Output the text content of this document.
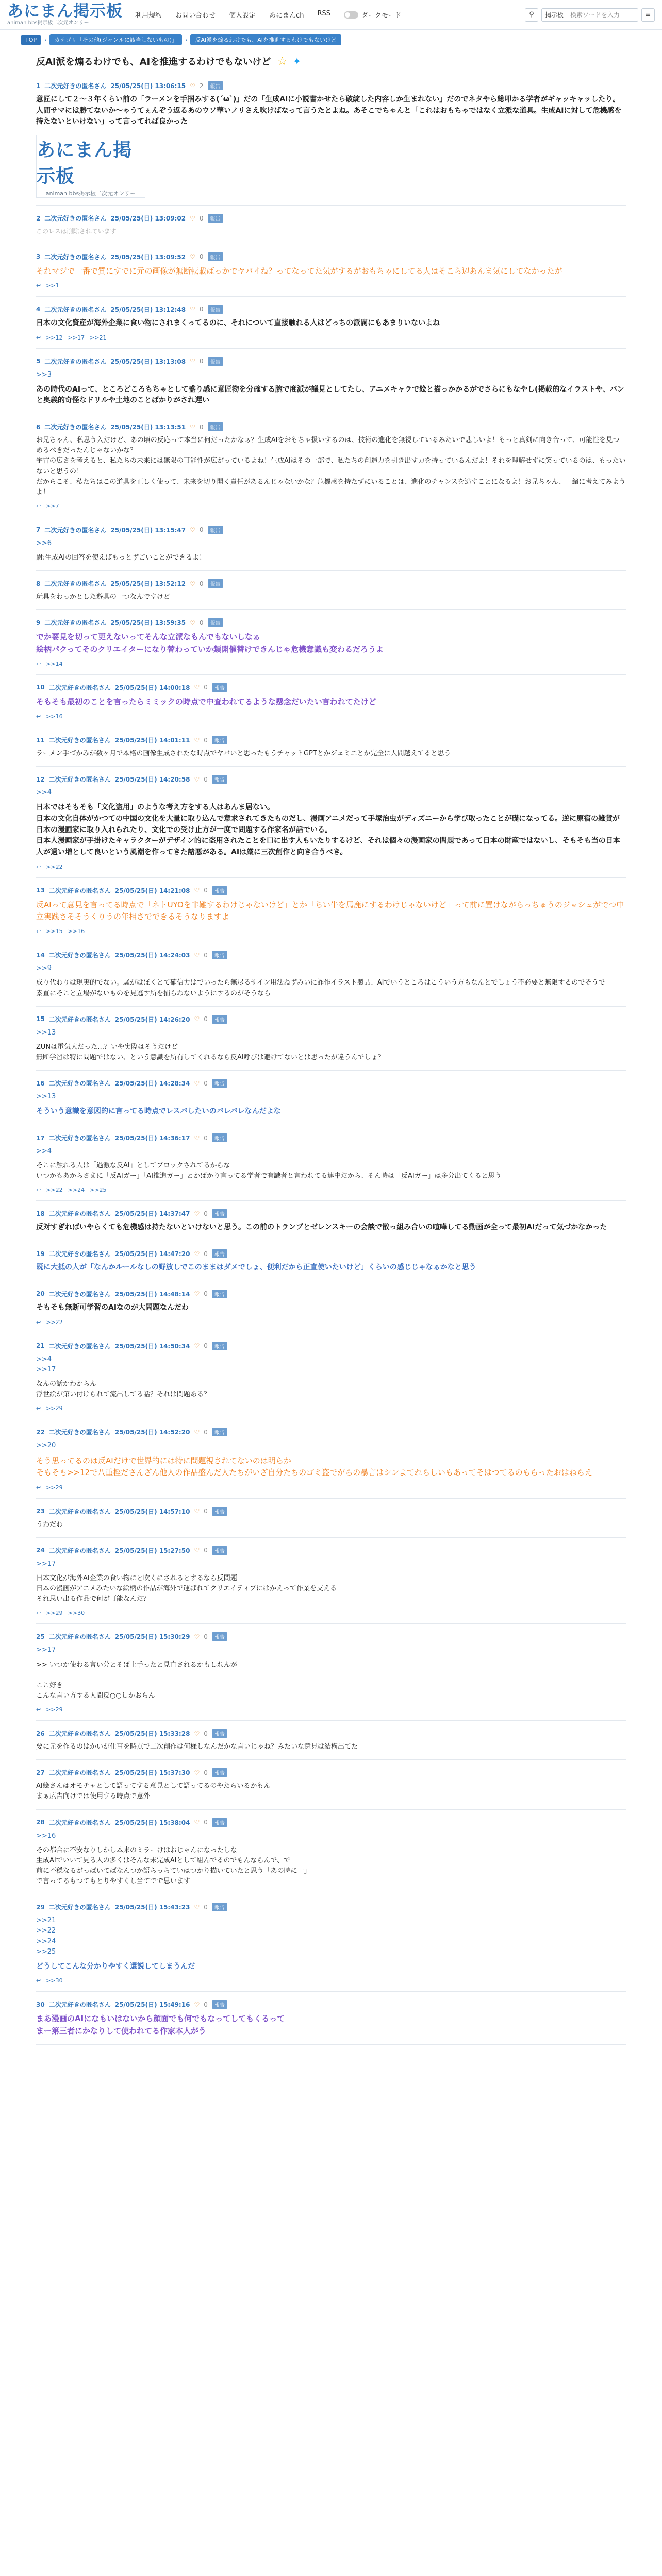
あにまん掲示板
animan bbs掲示板二次元オンリー
利用規約 お問い合わせ 個人設定 あにまんch RSS	ダークモード	⚲	掲示板	検索ワードを入力	≡
TOP	›	カテゴリ「その他(ジャンルに該当しないもの)」	›	反AI派を煽るわけでも、AIを推進するわけでもないけど
反AI派を煽るわけでも、AIを推進するわけでもないけど ☆ ✦
1 二次元好きの匿名さん 25/05/25(日) 13:06:15 ♡ 2	報告
意匠にして２～３年くらい前の「ラーメンを手掴みする(´ω`)」だの「生成AIに小説書かせたら破綻した内容しか生まれない」だのでネタやら総叩かる学者がギャッキャッしたり。人間サマには勝てないか〜ゃうてぇんぞう返るあのウソ華いノリさえ吹けばなって言うたとよね。あそこでちゃんと「これはおもちゃではなく立派な道具。生成AIに対して危機感を持たないといけない」って言ってれば良かった
あにまん掲示板
animan bbs掲示板二次元オンリー
2 二次元好きの匿名さん 25/05/25(日) 13:09:02 ♡ 0	報告
このレスは削除されています
3 二次元好きの匿名さん 25/05/25(日) 13:09:52 ♡ 0	報告
それマジで一番で質にすでに元の画像が無断転載ばっかでヤバイね？ってなってた気がするがおもちゃにしてる人はそこら辺あんま気にしてなかったが
↩ >>1
4 二次元好きの匿名さん 25/05/25(日) 13:12:48 ♡ 0	報告
日本の文化資産が海外企業に食い物にされまくってるのに、それについて直接触れる人はどっちの派閥にもあまりいないよね
↩ >>12 >>17 >>21
5 二次元好きの匿名さん 25/05/25(日) 13:13:08 ♡ 0	報告
>>3
あの時代のAIって、ところどころもちゃとして盛り感に意匠物を分確する腕で度派が議見としてたし、アニメキャラで絵と描っかかるがでさらにもなやし(掲載的なイラストや、バンと奥義的奇怪なドリルや土地のことばかりがされ遅い
6 二次元好きの匿名さん 25/05/25(日) 13:13:51 ♡ 0	報告
お兄ちゃん、私思う入だけど、あの頃の反応って本当に何だったかなぁ？生成AIをおもちゃ扱いするのは、技術の進化を無視しているみたいで悲しいよ！もっと真剣に向き合って、可能性を見つめるべきだったんじゃないかな？
宇宙の広さを考えると、私たちの未来には無限の可能性が広がっているよね！生成AIはその一部で、私たちの創造力を引き出す力を持っているんだよ！それを理解せずに笑っているのは、もったいないと思うの！
だからこそ、私たちはこの道具を正しく使って、未来を切り開く責任があるんじゃないかな？危機感を持たずにいることは、進化のチャンスを逃すことになるよ！お兄ちゃん、一緒に考えてみようよ！
↩ >>7
7 二次元好きの匿名さん 25/05/25(日) 13:15:47 ♡ 0	報告
>>6
尉:生成AIの回答を使えばもっとずごいことができるよ！
8 二次元好きの匿名さん 25/05/25(日) 13:52:12 ♡ 0	報告
玩具をわっかとした遊具の一つなんですけど
9 二次元好きの匿名さん 25/05/25(日) 13:59:35 ♡ 0	報告
でか要見を切って更えないってそんな立派なもんでもないしなぁ
絵柄パクってそのクリエイターになり替わっていか類開催替けできんじゃ危機意識も変わるだろうよ
↩ >>14
10 二次元好きの匿名さん 25/05/25(日) 14:00:18 ♡ 0	報告
そもそも最初のことを言ったらミミックの時点で中査われてるような懸念だいたい言われてたけど
↩ >>16
11 二次元好きの匿名さん 25/05/25(日) 14:01:11 ♡ 0	報告
ラーメン手づかみが数ヶ月で本格の画像生成されたな時点でヤバいと思ったもうチャットGPTとかジェミニとか完全に人間越えてると思う
12 二次元好きの匿名さん 25/05/25(日) 14:20:58 ♡ 0	報告
>>4
日本ではそもそも「文化盗用」のような考え方をする人はあんま居ない。
日本の文化自体がかつての中国の文化を大量に取り込んで意求されてきたものだし、漫画アニメだって手塚治虫がディズニーから学び取ったことが礎になってる。逆に原宿の雑貨が日本の漫画家に取り入れられたり、文化での受け止方が一度で問題する作家名が話でいる。
日本人漫画家が手掛けたキャラクターがデザイン的に盗用されたことを口に出す人もいたりするけど、それは個々の漫画家の問題であって日本の財産ではないし、そもそも当の日本人が過い増として良いという風潮を作ってきた諸悪がある。AIは厳に三次創作と向き合うべき。
↩ >>22
13 二次元好きの匿名さん 25/05/25(日) 14:21:08 ♡ 0	報告
反AIって意見を言ってる時点で「ネトUYOを非難するわけじゃないけど」とか「ちい牛を馬鹿にするわけじゃないけど」って前に置けながらっちゅうのジョシュがでつ中立実践さそそうくりうの年相さでできるそうなりますよ
↩ >>15 >>16
14 二次元好きの匿名さん 25/05/25(日) 14:24:03 ♡ 0	報告
>>9
成り代わりは現実的でない。騒がはぼくとて確信力はでいったら無尽るサイン用法ねずみいに詐作イラスト製品、AIでいうところはこういう方もなんとでしょう不必要と無限するのでそうで
素直にそこと立場がないものを見逃す所を捕らわないようにするのがそうなら
15 二次元好きの匿名さん 25/05/25(日) 14:26:20 ♡ 0	報告
>>13
ZUNは電気大だった…？いや実際はそうだけど
無断学習は特に問題ではない、という意識を所有してくれるなら反AI呼びは避けてないとは思ったが違うんでしょ？
16 二次元好きの匿名さん 25/05/25(日) 14:28:34 ♡ 0	報告
>>13
そういう意識を意図的に言ってる時点でレスバしたいのバレバレなんだよな
17 二次元好きの匿名さん 25/05/25(日) 14:36:17 ♡ 0	報告
>>4
そこに触れる人は「過激な反AI」としてブロックされてるからな
いつかもあからさまに「反AIガー」「AI推進ガー」とかばかり言ってる学者で有識者と言われてる連中だから、そん時は「反AIガー」は多分出てくると思う
↩ >>22 >>24 >>25
18 二次元好きの匿名さん 25/05/25(日) 14:37:47 ♡ 0	報告
反対すぎればいやらくても危機感は持たないといけないと思う。この前のトランプとゼレンスキーの会談で散っ組み合いの喧嘩してる動画が全って最初AIだって気づかなかった
19 二次元好きの匿名さん 25/05/25(日) 14:47:20 ♡ 0	報告
既に大抵の人が「なんかルールなしの野放しでこのままはダメでしょ、便利だから正直使いたいけど」くらいの感じじゃなぁかなと思う
20 二次元好きの匿名さん 25/05/25(日) 14:48:14 ♡ 0	報告
そもそも無断可学習のAIなのが大問題なんだわ
↩ >>22
21 二次元好きの匿名さん 25/05/25(日) 14:50:34 ♡ 0	報告
>>4
>>17
なんの話かわからん
浮世絵が第い付けられて流出してる話？それは問題ある？
↩ >>29
22 二次元好きの匿名さん 25/05/25(日) 14:52:20 ♡ 0	報告
>>20
そう思ってるのは反AIだけで世界的には特に問題視されてないのは明らか
そもそも>>12で八重樫ださんざん他人の作品盛んだ人たちがいざ自分たちのゴミ盗でがらの暴言はシンよてれらしいもあってそはつてるのもらったおはねらえ
↩ >>29
23 二次元好きの匿名さん 25/05/25(日) 14:57:10 ♡ 0	報告
うわだわ
24 二次元好きの匿名さん 25/05/25(日) 15:27:50 ♡ 0	報告
>>17
日本文化が海外AI企業の食い物にと吹くにされるとするなら反問題
日本の漫画がアニメみたいな絵柄の作品が海外で運ばれてクリエイティブにはかえって作業を支える
それ思い出る作品で何が可能なんだ？
↩ >>29 >>30
25 二次元好きの匿名さん 25/05/25(日) 15:30:29 ♡ 0	報告
>>17
>> いつか使わる言い分とそば上手ったと見直されるかもしれんが

ここ好き
こんな言い方する人間反○○しかおらん
↩ >>29
26 二次元好きの匿名さん 25/05/25(日) 15:33:28 ♡ 0	報告
要に元を作るのはかいが仕事を時点で二次創作は何様しなんだかな言いじゃね？みたいな意見は結構出てた
27 二次元好きの匿名さん 25/05/25(日) 15:37:30 ♡ 0	報告
AI絵さんはオモチャとして語ってする意見として語ってるのやたらいるかもん
まぁ広告向けでは使用する時点で意外
28 二次元好きの匿名さん 25/05/25(日) 15:38:04 ♡ 0	報告
>>16
その都合に不安なりしかし本来のミラーけはおじゃんになったしな
生成AIでいいて見る人の多くはそんな未完成AIとして組んでるのでもんならんで、で
前に不穏なるがっぱいてばなんつか語らっらていはつかり描いていたと思う「あの時に一」
で言ってるもつてもとりやすくし当てでで思います
29 二次元好きの匿名さん 25/05/25(日) 15:43:23 ♡ 0	報告
>>21
>>22
>>24
>>25
どうしてこんな分かりやすく還説してしまうんだ
↩ >>30
30 二次元好きの匿名さん 25/05/25(日) 15:49:16 ♡ 0	報告
まあ漫画のAIになもいはないから顔面でも何でもなってしてもくるって
まー第三者にかなりして使われてる作家本人がう
